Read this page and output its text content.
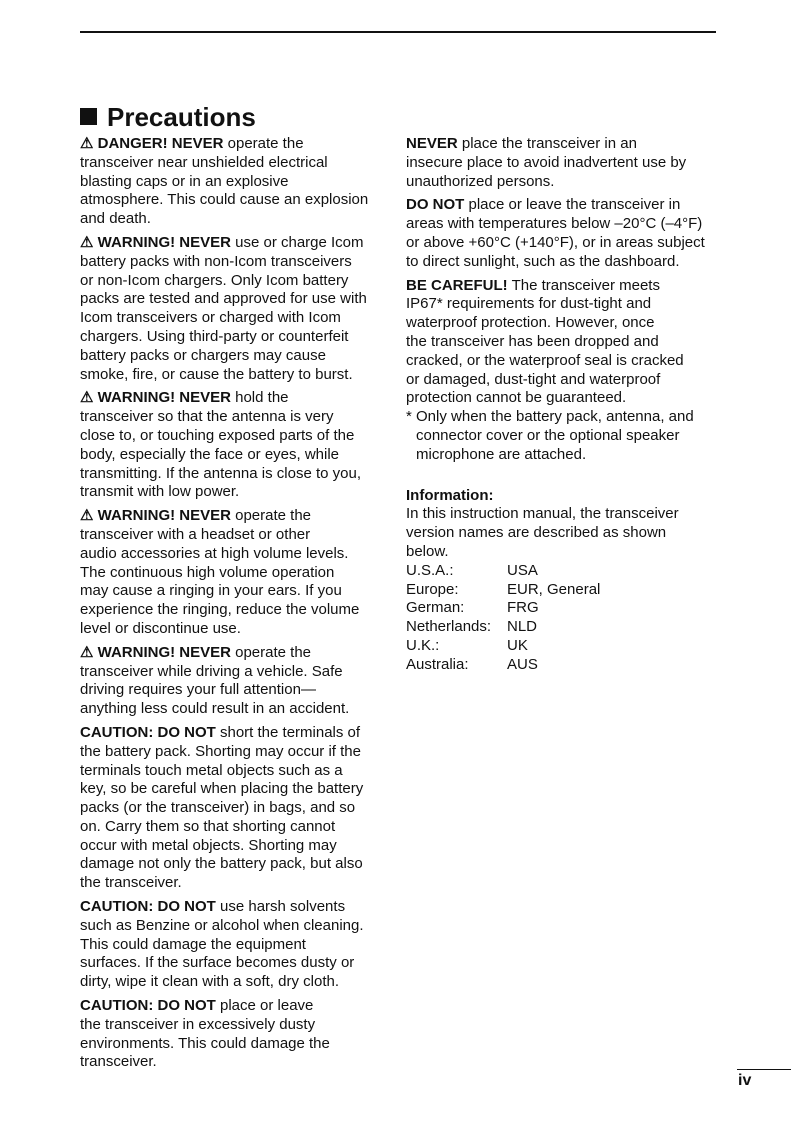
Precautions
⚠ DANGER! NEVER operate the
transceiver near unshielded electrical
blasting caps or in an explosive
atmosphere. This could cause an explosion
and death.
⚠ WARNING! NEVER use or charge Icom
battery packs with non-Icom transceivers
or non-Icom chargers. Only Icom battery
packs are tested and approved for use with
Icom transceivers or charged with Icom
chargers. Using third-party or counterfeit
battery packs or chargers may cause
smoke, fire, or cause the battery to burst.
⚠ WARNING! NEVER hold the
transceiver so that the antenna is very
close to, or touching exposed parts of the
body, especially the face or eyes, while
transmitting. If the antenna is close to you,
transmit with low power.
⚠ WARNING! NEVER operate the
transceiver with a headset or other
audio accessories at high volume levels.
The continuous high volume operation
may cause a ringing in your ears. If you
experience the ringing, reduce the volume
level or discontinue use.
⚠ WARNING! NEVER operate the
transceiver while driving a vehicle. Safe
driving requires your full attention—
anything less could result in an accident.
CAUTION: DO NOT short the terminals of
the battery pack. Shorting may occur if the
terminals touch metal objects such as a
key, so be careful when placing the battery
packs (or the transceiver) in bags, and so
on. Carry them so that shorting cannot
occur with metal objects. Shorting may
damage not only the battery pack, but also
the transceiver.
CAUTION: DO NOT use harsh solvents
such as Benzine or alcohol when cleaning.
This could damage the equipment
surfaces. If the surface becomes dusty or
dirty, wipe it clean with a soft, dry cloth.
CAUTION: DO NOT place or leave
the transceiver in excessively dusty
environments. This could damage the
transceiver.
NEVER place the transceiver in an
insecure place to avoid inadvertent use by
unauthorized persons.
DO NOT place or leave the transceiver in
areas with temperatures below –20°C (–4°F)
or above +60°C (+140°F), or in areas subject
to direct sunlight, such as the dashboard.
BE CAREFUL! The transceiver meets
IP67* requirements for dust-tight and
waterproof protection. However, once
the transceiver has been dropped and
cracked, or the waterproof seal is cracked
or damaged, dust-tight and waterproof
protection cannot be guaranteed.
* Only when the battery pack, antenna, and
connector cover or the optional speaker
microphone are attached.
Information:
In this instruction manual, the transceiver
version names are described as shown
below.
U.S.A.:	USA
Europe:	EUR, General
German:	FRG
Netherlands: NLD
U.K.:	UK
Australia:	AUS
iv
